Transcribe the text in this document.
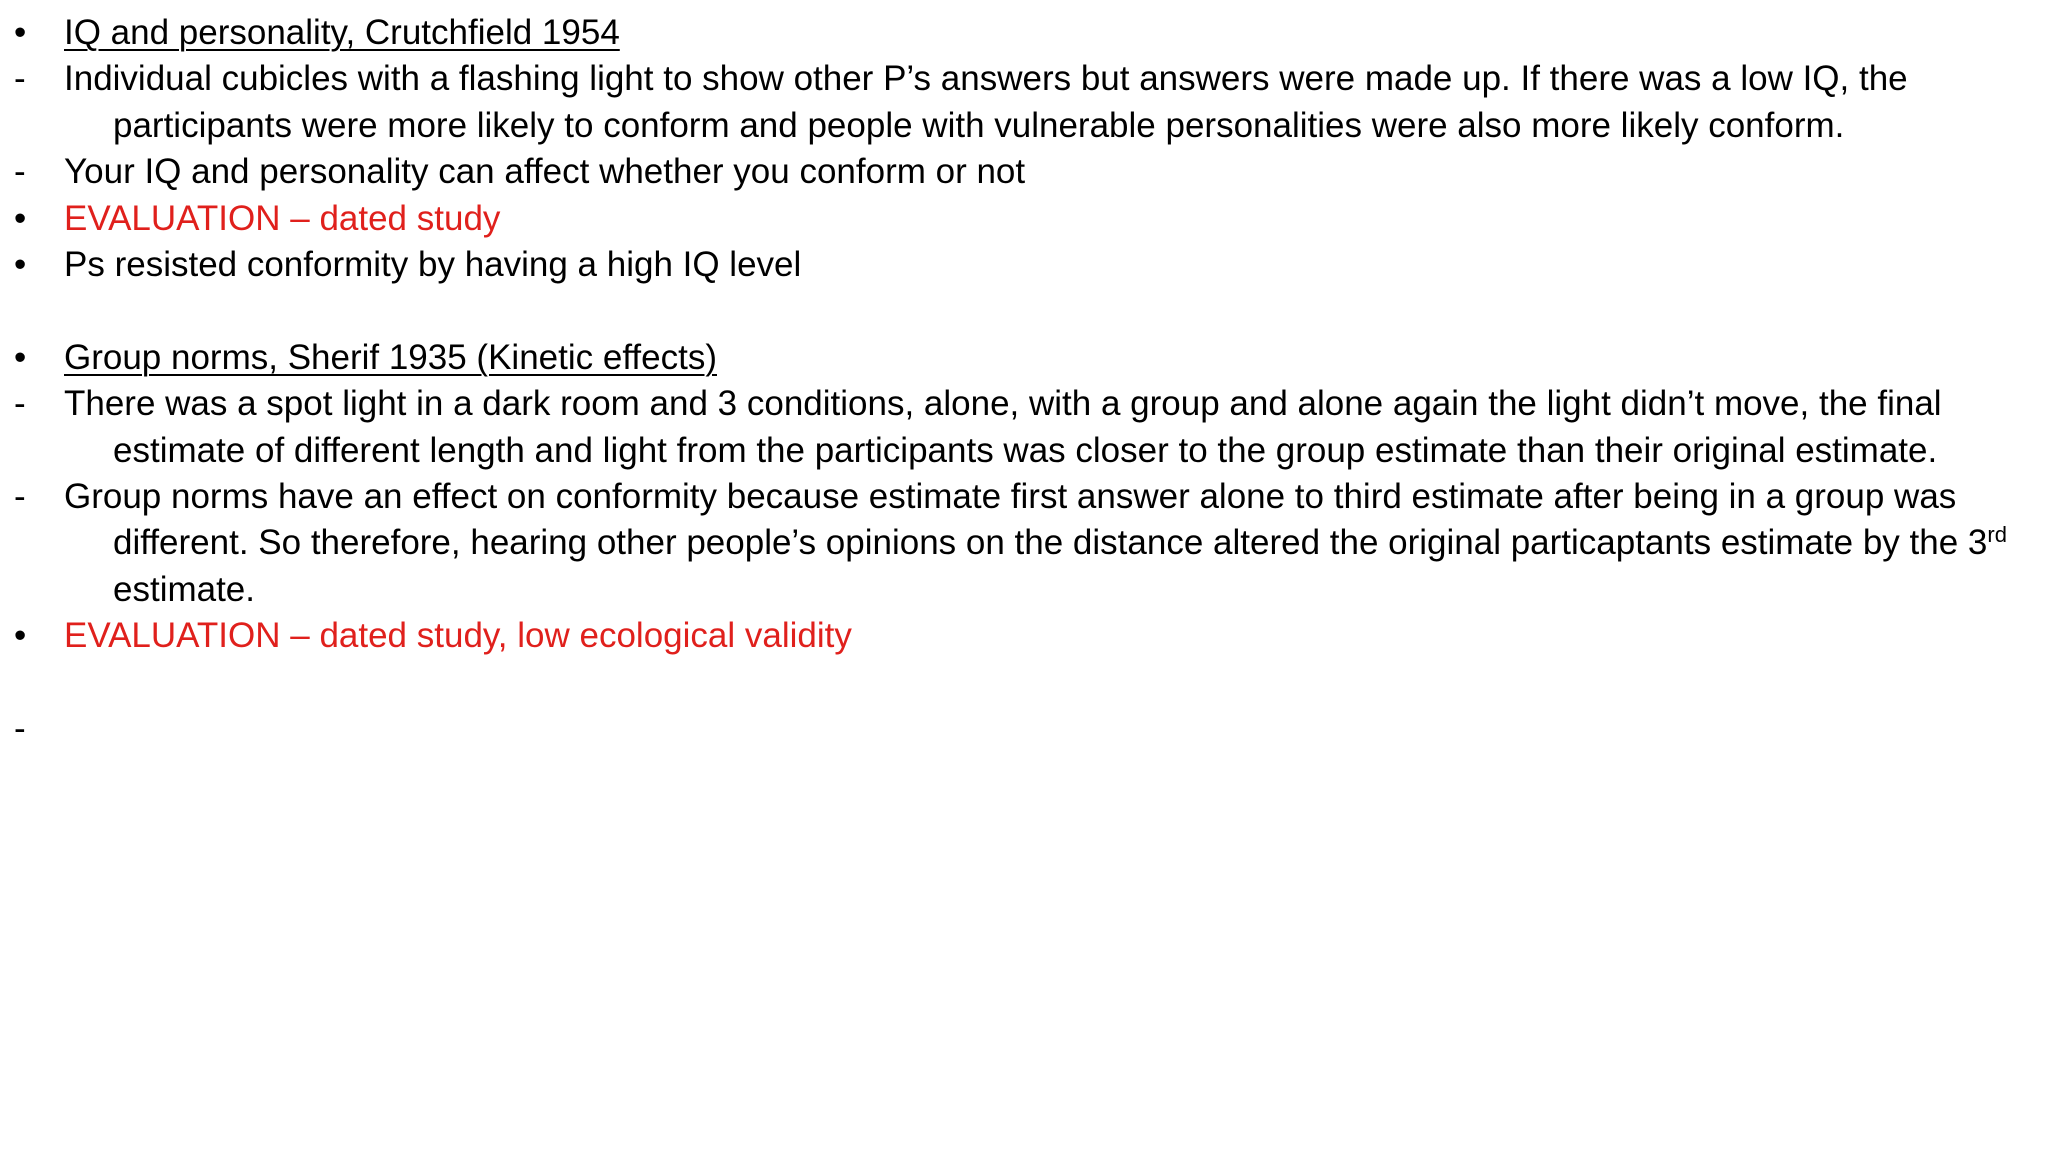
•	IQ and personality, Crutchfield 1954
-	Individual cubicles with a flashing light to show other P’s answers but answers were made up. If there was a low IQ, the participants were more likely to conform and people with vulnerable personalities were also more likely conform.
-	Your IQ and personality can affect whether you conform or not
•	EVALUATION – dated study
•	Ps resisted conformity by having a high IQ level
•	Group norms, Sherif 1935 (Kinetic effects)
-	There was a spot light in a dark room and 3 conditions, alone, with a group and alone again the light didn’t move, the final estimate of different length and light from the participants was closer to the group estimate than their original estimate.
-	Group norms have an effect on conformity because estimate first answer alone to third estimate after being in a group was different. So therefore, hearing other people’s opinions on the distance altered the original particaptants estimate by the 3rd estimate.
•	EVALUATION – dated study, low ecological validity
-
